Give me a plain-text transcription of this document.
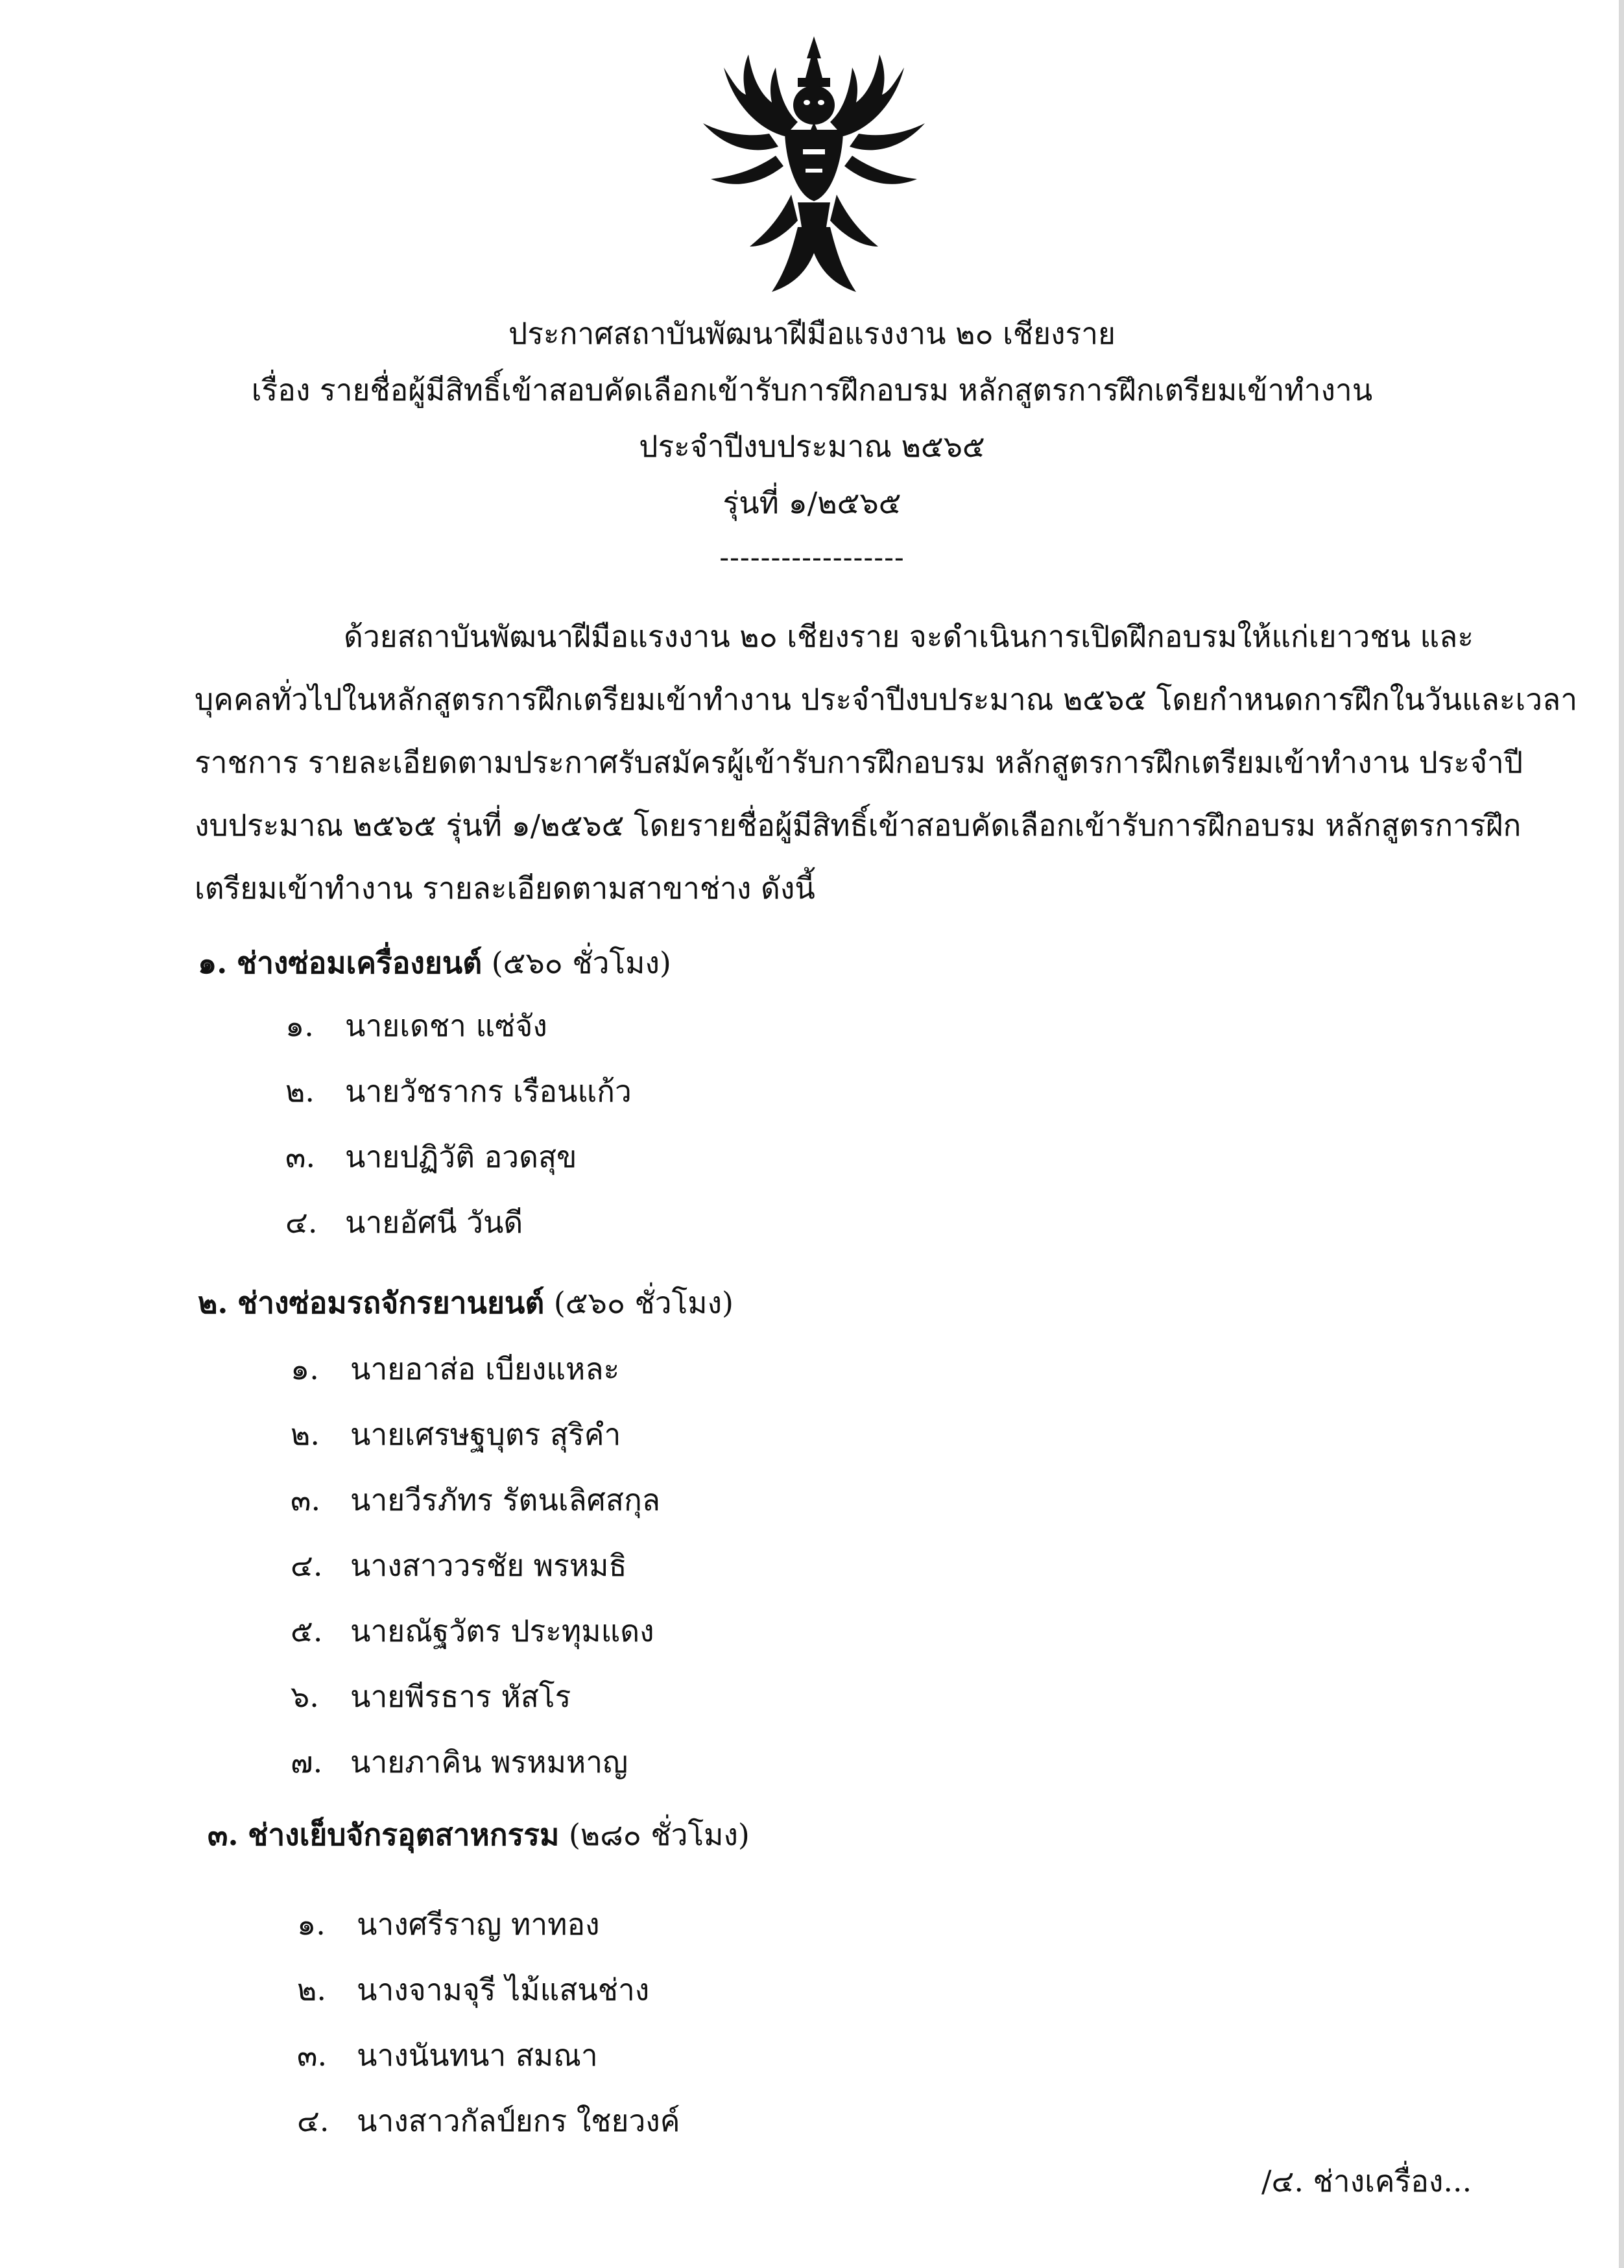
ประกาศสถาบันพัฒนาฝีมือแรงงาน ๒๐ เชียงราย
เรื่อง รายชื่อผู้มีสิทธิ์เข้าสอบคัดเลือกเข้ารับการฝึกอบรม หลักสูตรการฝึกเตรียมเข้าทำงาน
ประจำปีงบประมาณ ๒๕๖๕
รุ่นที่ ๑/๒๕๖๕
------------------
ด้วยสถาบันพัฒนาฝีมือแรงงาน ๒๐ เชียงราย จะดำเนินการเปิดฝึกอบรมให้แก่เยาวชน และ
บุคคลทั่วไปในหลักสูตรการฝึกเตรียมเข้าทำงาน ประจำปีงบประมาณ ๒๕๖๕ โดยกำหนดการฝึกในวันและเวลา
ราชการ รายละเอียดตามประกาศรับสมัครผู้เข้ารับการฝึกอบรม หลักสูตรการฝึกเตรียมเข้าทำงาน ประจำปี
งบประมาณ ๒๕๖๕ รุ่นที่ ๑/๒๕๖๕ โดยรายชื่อผู้มีสิทธิ์เข้าสอบคัดเลือกเข้ารับการฝึกอบรม หลักสูตรการฝึก
เตรียมเข้าทำงาน รายละเอียดตามสาขาช่าง ดังนี้
๑. ช่างซ่อมเครื่องยนต์ (๕๖๐ ชั่วโมง)
๑. นายเดชา แซ่จัง
๒. นายวัชรากร เรือนแก้ว
๓. นายปฏิวัติ อวดสุข
๔. นายอัศนี วันดี
๒. ช่างซ่อมรถจักรยานยนต์ (๕๖๐ ชั่วโมง)
๑. นายอาส่อ เบียงแหละ
๒. นายเศรษฐบุตร สุริคำ
๓. นายวีรภัทร รัตนเลิศสกุล
๔. นางสาววรชัย พรหมธิ
๕. นายณัฐวัตร ประทุมแดง
๖. นายพีรธาร หัสโร
๗. นายภาคิน พรหมหาญ
๓. ช่างเย็บจักรอุตสาหกรรม (๒๘๐ ชั่วโมง)
๑. นางศรีราญ ทาทอง
๒. นางจามจุรี ไม้แสนช่าง
๓. นางนันทนา สมณา
๔. นางสาวกัลป์ยกร ใชยวงค์
/๔. ช่างเครื่อง...
